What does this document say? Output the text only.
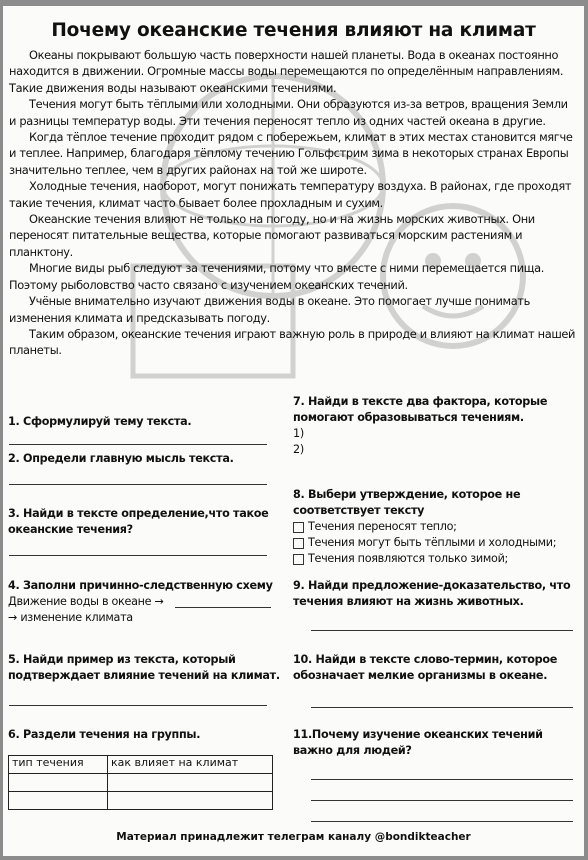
Почему океанские течения влияют на климат

Океаны покрывают большую часть поверхности нашей планеты. Вода в океанах постоянно находится в движении. Огромные массы воды перемещаются по определённым направлениям. Такие движения воды называют океанскими течениями.

Течения могут быть тёплыми или холодными. Они образуются из-за ветров, вращения Земли и разницы температур воды. Эти течения переносят тепло из одних частей океана в другие.

Когда тёплое течение проходит рядом с побережьем, климат в этих местах становится мягче и теплее. Например, благодаря тёплому течению Гольфстрим зима в некоторых странах Европы значительно теплее, чем в других районах на той же широте.

Холодные течения, наоборот, могут понижать температуру воздуха. В районах, где проходят такие течения, климат часто бывает более прохладным и сухим.

Океанские течения влияют не только на погоду, но и на жизнь морских животных. Они переносят питательные вещества, которые помогают развиваться морским растениям и планктону.

Многие виды рыб следуют за течениями, потому что вместе с ними перемещается пища. Поэтому рыболовство часто связано с изучением океанских течений.

Учёные внимательно изучают движения воды в океане. Это помогает лучше понимать изменения климата и предсказывать погоду.

Таким образом, океанские течения играют важную роль в природе и влияют на климат нашей планеты.

1. Сформулируй тему текста.
2. Определи главную мысль текста.
3. Найди в тексте определение,что такое океанские течения?
4. Заполни причинно-следственную схему
Движение воды в океане →
→ изменение климата
5. Найди пример из текста, который подтверждает влияние течений на климат.
6. Раздели течения на группы.
тип течения	как влияет на климат

7. Найди в тексте два фактора, которые помогают образовываться течениям.
1)
2)
8. Выбери утверждение, которое не соответствует тексту
Течения переносят тепло;
Течения могут быть тёплыми и холодными;
Течения появляются только зимой;
9. Найди предложение-доказательство, что течения влияют на жизнь животных.
10. Найди в тексте слово-термин, которое обозначает мелкие организмы в океане.
11.Почему изучение океанских течений важно для людей?
Материал принадлежит телеграм каналу @bondikteacher
